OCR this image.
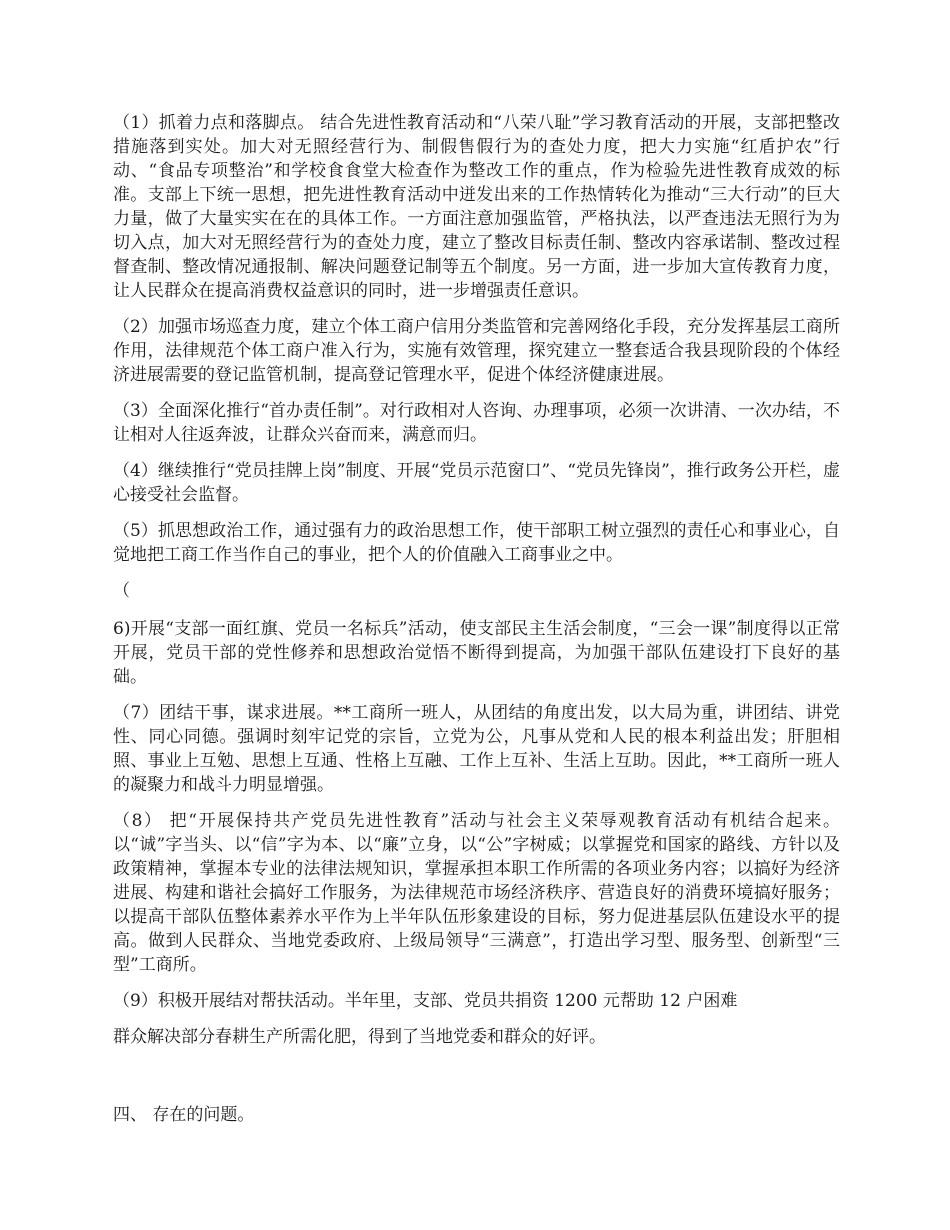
（1）抓着力点和落脚点。 结合先进性教育活动和“八荣八耻”学习教育活动的开展，支部把整改措施落到实处。加大对无照经营行为、制假售假行为的查处力度，把大力实施“红盾护农”行动、“食品专项整治”和学校食食堂大检查作为整改工作的重点，作为检验先进性教育成效的标准。支部上下统一思想，把先进性教育活动中迸发出来的工作热情转化为推动“三大行动”的巨大力量，做了大量实实在在的具体工作。一方面注意加强监管，严格执法，以严查违法无照行为为切入点，加大对无照经营行为的查处力度，建立了整改目标责任制、整改内容承诺制、整改过程督查制、整改情况通报制、解决问题登记制等五个制度。另一方面，进一步加大宣传教育力度，让人民群众在提高消费权益意识的同时，进一步增强责任意识。

（2）加强市场巡查力度，建立个体工商户信用分类监管和完善网络化手段，充分发挥基层工商所作用，法律规范个体工商户准入行为，实施有效管理，探究建立一整套适合我县现阶段的个体经济进展需要的登记监管机制，提高登记管理水平，促进个体经济健康进展。

（3）全面深化推行“首办责任制”。对行政相对人咨询、办理事项，必须一次讲清、一次办结，不让相对人往返奔波，让群众兴奋而来，满意而归。

（4）继续推行“党员挂牌上岗”制度、开展“党员示范窗口”、“党员先锋岗”，推行政务公开栏，虚心接受社会监督。

（5）抓思想政治工作，通过强有力的政治思想工作，使干部职工树立强烈的责任心和事业心，自觉地把工商工作当作自己的事业，把个人的价值融入工商事业之中。

（

6)开展“支部一面红旗、党员一名标兵”活动，使支部民主生活会制度，“三会一课”制度得以正常开展，党员干部的党性修养和思想政治觉悟不断得到提高，为加强干部队伍建设打下良好的基础。

（7）团结干事，谋求进展。**工商所一班人，从团结的角度出发，以大局为重，讲团结、讲党性、同心同德。强调时刻牢记党的宗旨，立党为公，凡事从党和人民的根本利益出发；肝胆相照、事业上互勉、思想上互通、性格上互融、工作上互补、生活上互助。因此，**工商所一班人的凝聚力和战斗力明显增强。

（8） 把“开展保持共产党员先进性教育”活动与社会主义荣辱观教育活动有机结合起来。以“诚”字当头、以“信”字为本、以“廉”立身，以“公”字树威；以掌握党和国家的路线、方针以及政策精神，掌握本专业的法律法规知识，掌握承担本职工作所需的各项业务内容；以搞好为经济进展、构建和谐社会搞好工作服务，为法律规范市场经济秩序、营造良好的消费环境搞好服务；以提高干部队伍整体素养水平作为上半年队伍形象建设的目标，努力促进基层队伍建设水平的提高。做到人民群众、当地党委政府、上级局领导“三满意”，打造出学习型、服务型、创新型“三型”工商所。

（9）积极开展结对帮扶活动。半年里，支部、党员共捐资 1200 元帮助 12 户困难

群众解决部分春耕生产所需化肥，得到了当地党委和群众的好评。

四、 存在的问题。
